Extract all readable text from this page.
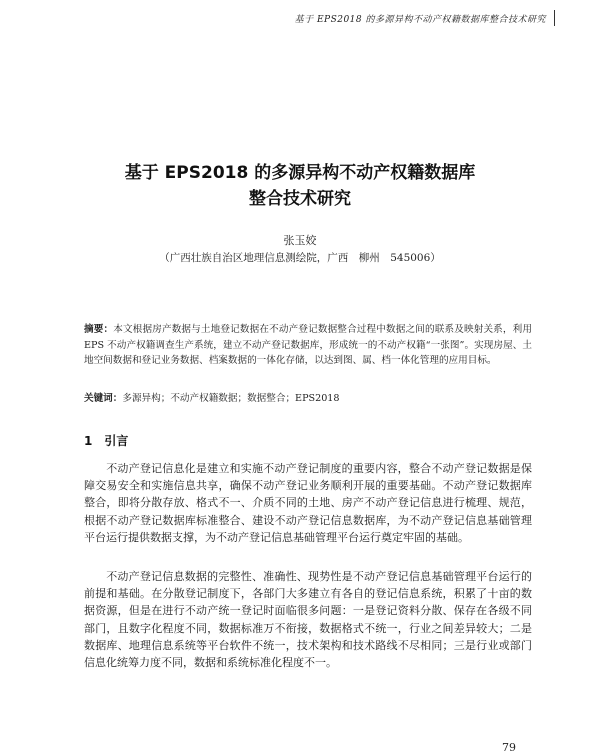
基于 EPS2018 的多源异构不动产权籍数据库整合技术研究
基于 EPS2018 的多源异构不动产权籍数据库
整合技术研究
张玉姣
（广西壮族自治区地理信息测绘院，广西　柳州　545006）
摘要：本文根据房产数据与土地登记数据在不动产登记数据整合过程中数据之间的联系及映射关系，利用 EPS 不动产权籍调查生产系统，建立不动产登记数据库，形成统一的不动产权籍“一张图”。实现房屋、土地空间数据和登记业务数据、档案数据的一体化存储，以达到图、属、档一体化管理的应用目标。
关键词：多源异构；不动产权籍数据；数据整合；EPS2018
1 引言
不动产登记信息化是建立和实施不动产登记制度的重要内容，整合不动产登记数据是保障交易安全和实施信息共享，确保不动产登记业务顺利开展的重要基础。不动产登记数据库整合，即将分散存放、格式不一、介质不同的土地、房产不动产登记信息进行梳理、规范，根据不动产登记数据库标准整合、建设不动产登记信息数据库，为不动产登记信息基础管理平台运行提供数据支撑，为不动产登记信息基础管理平台运行奠定牢固的基础。
不动产登记信息数据的完整性、准确性、现势性是不动产登记信息基础管理平台运行的前提和基础。在分散登记制度下，各部门大多建立有各自的登记信息系统，积累了十亩的数据资源，但是在进行不动产统一登记时面临很多问题：一是登记资料分散、保存在各级不同部门，且数字化程度不同，数据标准万不衔接，数据格式不统一，行业之间差异较大；二是数据库、地理信息系统等平台软件不统一，技术架构和技术路线不尽相同；三是行业或部门信息化统筹力度不同，数据和系统标准化程度不一。
79
